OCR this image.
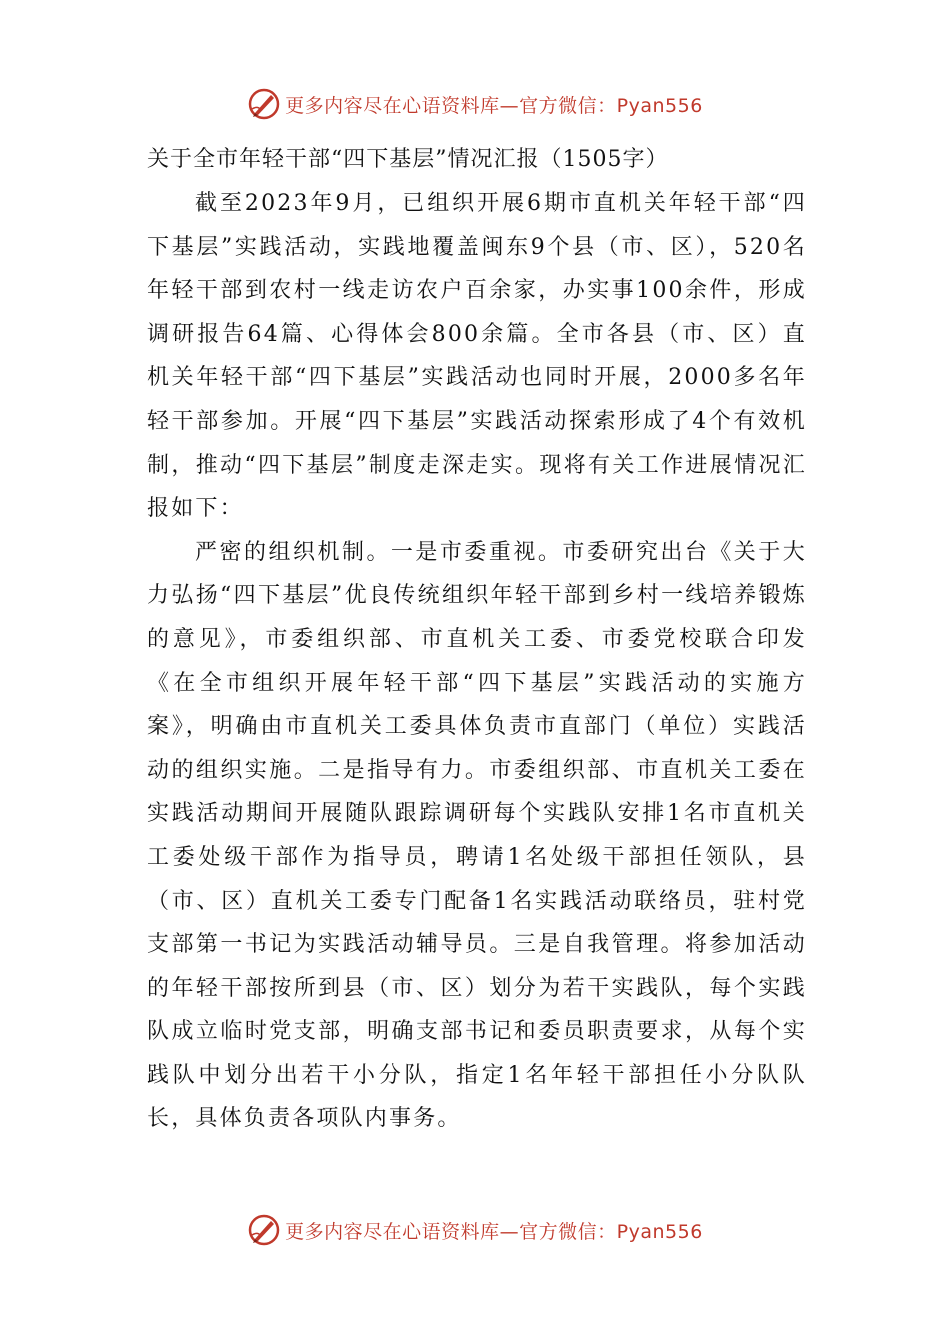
更多内容尽在心语资料库—官方微信：Pyan556
关于全市年轻干部“四下基层”情况汇报（1505字）

截至2023年9月，已组织开展6期市直机关年轻干部“四下基层”实践活动，实践地覆盖闽东9个县（市、区），520名年轻干部到农村一线走访农户百余家，办实事100余件，形成调研报告64篇、心得体会800余篇。全市各县（市、区）直机关年轻干部“四下基层”实践活动也同时开展，2000多名年轻干部参加。开展“四下基层”实践活动探索形成了4个有效机制，推动“四下基层”制度走深走实。现将有关工作进展情况汇报如下：

严密的组织机制。一是市委重视。市委研究出台《关于大力弘扬“四下基层”优良传统组织年轻干部到乡村一线培养锻炼的意见》，市委组织部、市直机关工委、市委党校联合印发《在全市组织开展年轻干部“四下基层”实践活动的实施方案》，明确由市直机关工委具体负责市直部门（单位）实践活动的组织实施。二是指导有力。市委组织部、市直机关工委在实践活动期间开展随队跟踪调研每个实践队安排1名市直机关工委处级干部作为指导员，聘请1名处级干部担任领队，县（市、区）直机关工委专门配备1名实践活动联络员，驻村党支部第一书记为实践活动辅导员。三是自我管理。将参加活动的年轻干部按所到县（市、区）划分为若干实践队，每个实践队成立临时党支部，明确支部书记和委员职责要求，从每个实践队中划分出若干小分队，指定1名年轻干部担任小分队队长，具体负责各项队内事务。

更多内容尽在心语资料库—官方微信：Pyan556
